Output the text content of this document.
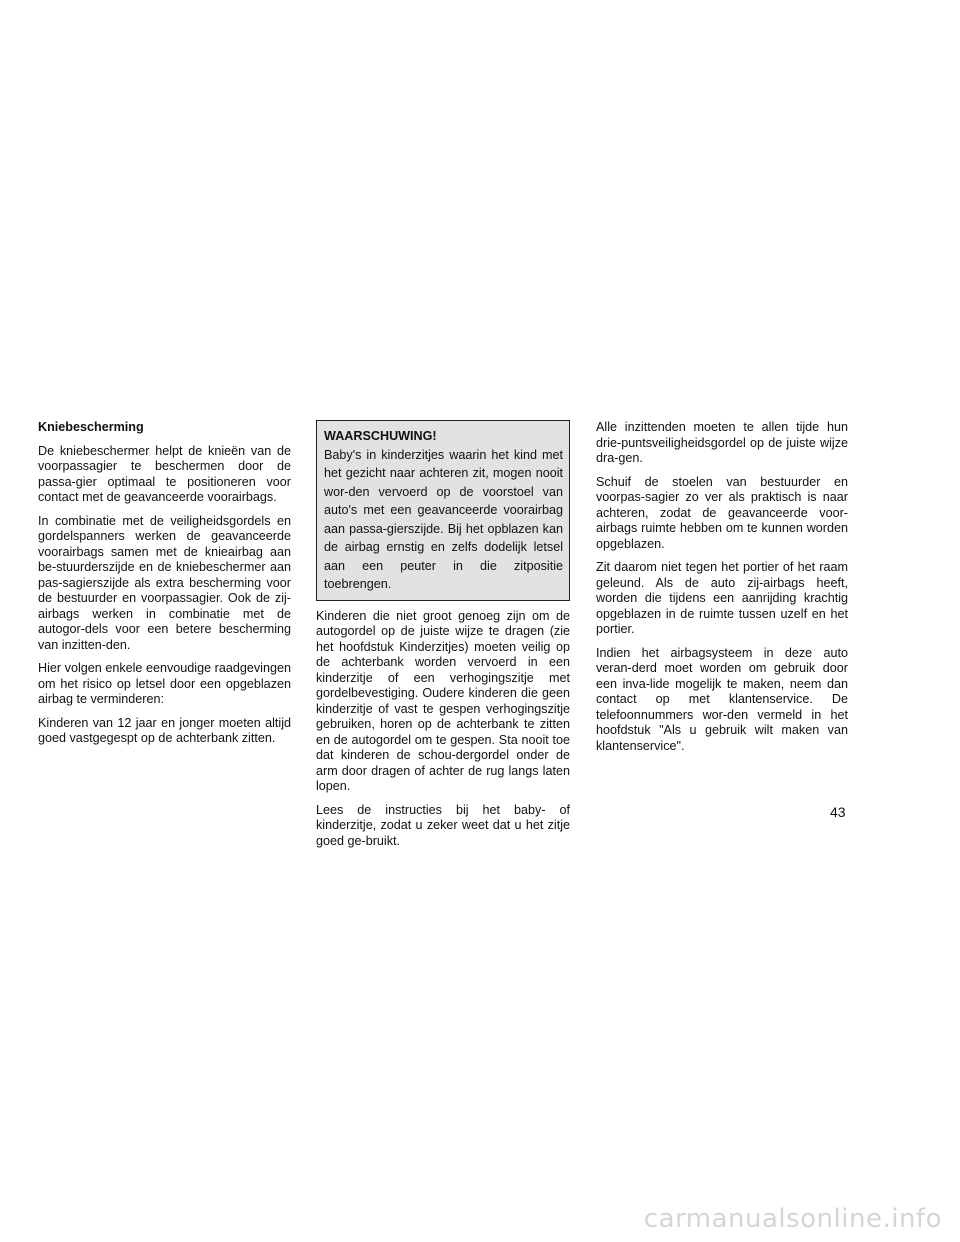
Kniebescherming

De kniebeschermer helpt de knieën van de voorpassagier te beschermen door de passa-gier optimaal te positioneren voor contact met de geavanceerde voorairbags.

In combinatie met de veiligheidsgordels en gordelspanners werken de geavanceerde voorairbags samen met de knieairbag aan be-stuurderszijde en de kniebeschermer aan pas-sagierszijde als extra bescherming voor de bestuurder en voorpassagier. Ook de zij-airbags werken in combinatie met de autogor-dels voor een betere bescherming van inzitten-den.

Hier volgen enkele eenvoudige raadgevingen om het risico op letsel door een opgeblazen airbag te verminderen:

Kinderen van 12 jaar en jonger moeten altijd goed vastgegespt op de achterbank zitten.

WAARSCHUWING!
Baby's in kinderzitjes waarin het kind met het gezicht naar achteren zit, mogen nooit wor-den vervoerd op de voorstoel van auto's met een geavanceerde voorairbag aan passa-gierszijde. Bij het opblazen kan de airbag ernstig en zelfs dodelijk letsel aan een peuter in die zitpositie toebrengen.

Kinderen die niet groot genoeg zijn om de autogordel op de juiste wijze te dragen (zie het hoofdstuk Kinderzitjes) moeten veilig op de achterbank worden vervoerd in een kinderzitje of een verhogingszitje met gordelbevestiging. Oudere kinderen die geen kinderzitje of vast te gespen verhogingszitje gebruiken, horen op de achterbank te zitten en de autogordel om te gespen. Sta nooit toe dat kinderen de schou-dergordel onder de arm door dragen of achter de rug langs laten lopen.

Lees de instructies bij het baby- of kinderzitje, zodat u zeker weet dat u het zitje goed ge-bruikt.

Alle inzittenden moeten te allen tijde hun drie-puntsveiligheidsgordel op de juiste wijze dra-gen.

Schuif de stoelen van bestuurder en voorpas-sagier zo ver als praktisch is naar achteren, zodat de geavanceerde voor-airbags ruimte hebben om te kunnen worden opgeblazen.

Zit daarom niet tegen het portier of het raam geleund. Als de auto zij-airbags heeft, worden die tijdens een aanrijding krachtig opgeblazen in de ruimte tussen uzelf en het portier.

Indien het airbagsysteem in deze auto veran-derd moet worden om gebruik door een inva-lide mogelijk te maken, neem dan contact op met klantenservice. De telefoonnummers wor-den vermeld in het hoofdstuk "Als u gebruik wilt maken van klantenservice".

43
carmanualsonline.info
